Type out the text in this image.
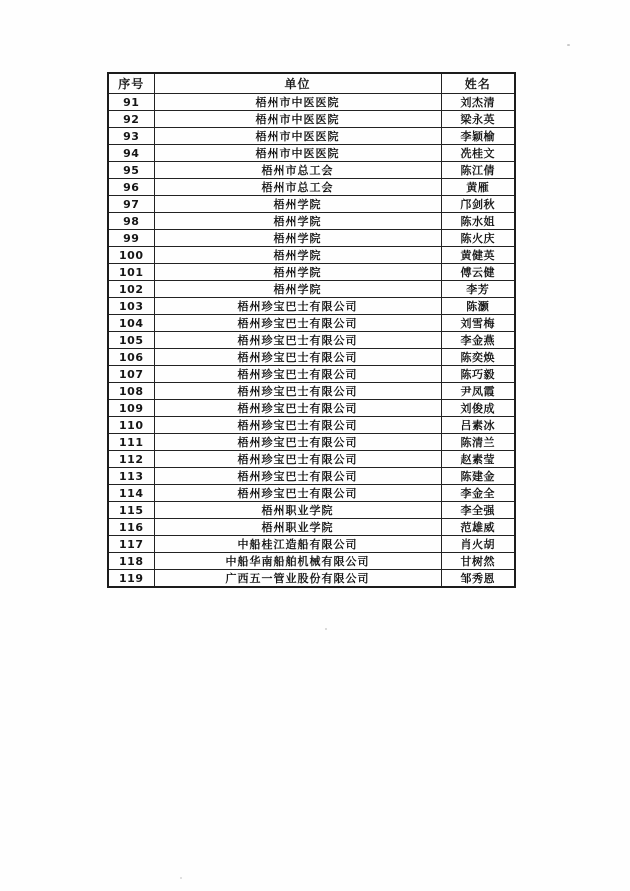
序号	单位	姓名
91	梧州市中医医院	刘杰清
92	梧州市中医医院	梁永英
93	梧州市中医医院	李颖榆
94	梧州市中医医院	冼桂文
95	梧州市总工会	陈江倩
96	梧州市总工会	黄雁
97	梧州学院	邝剑秋
98	梧州学院	陈水姐
99	梧州学院	陈火庆
100	梧州学院	黄健英
101	梧州学院	傅云健
102	梧州学院	李芳
103	梧州珍宝巴士有限公司	陈灏
104	梧州珍宝巴士有限公司	刘雪梅
105	梧州珍宝巴士有限公司	李金燕
106	梧州珍宝巴士有限公司	陈奕焕
107	梧州珍宝巴士有限公司	陈巧毅
108	梧州珍宝巴士有限公司	尹凤霞
109	梧州珍宝巴士有限公司	刘俊成
110	梧州珍宝巴士有限公司	吕素冰
111	梧州珍宝巴士有限公司	陈清兰
112	梧州珍宝巴士有限公司	赵素莹
113	梧州珍宝巴士有限公司	陈建金
114	梧州珍宝巴士有限公司	李金全
115	梧州职业学院	李全强
116	梧州职业学院	范雄威
117	中船桂江造船有限公司	肖火胡
118	中船华南船舶机械有限公司	甘树然
119	广西五一管业股份有限公司	邹秀恩
